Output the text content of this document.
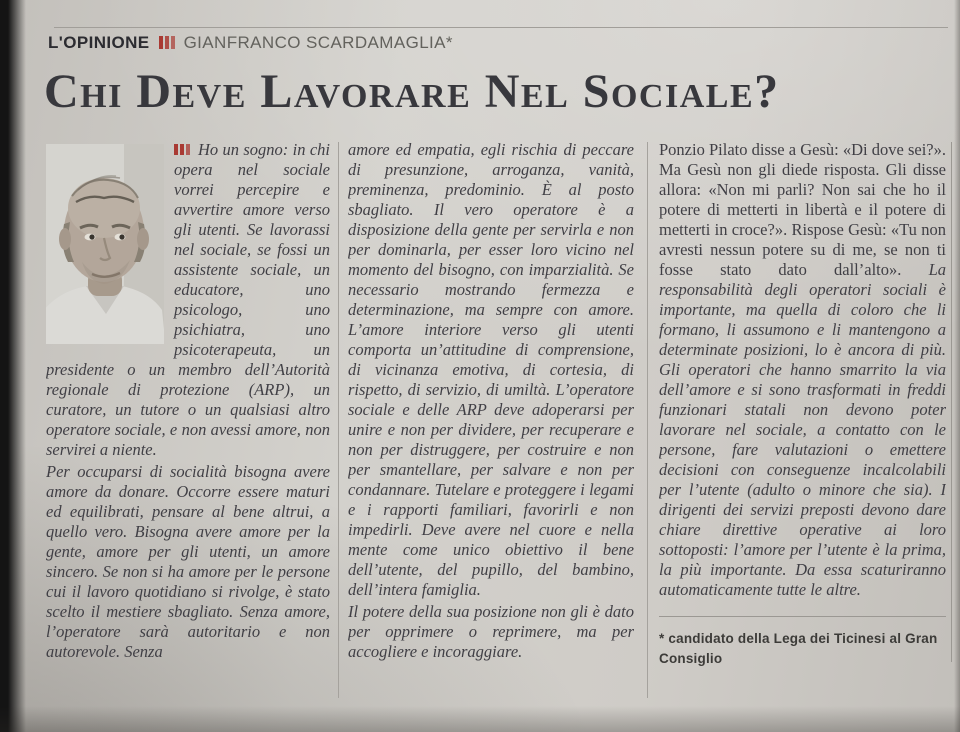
L'OPINIONE GIANFRANCO SCARDAMAGLIA*
Chi Deve Lavorare Nel Sociale?

Ho un sogno: in chi opera nel sociale vorrei percepire e avvertire amore verso gli utenti. Se lavorassi nel sociale, se fossi un assistente sociale, un educatore, uno psicologo, uno psichiatra, uno psicoterapeuta, un presidente o un membro dell’Autorità regionale di protezione (ARP), un curatore, un tutore o un qualsiasi altro operatore sociale, e non avessi amore, non servirei a niente.

Per occuparsi di socialità bisogna avere amore da donare. Occorre essere maturi ed equilibrati, pensare al bene altrui, a quello vero. Bisogna avere amore per la gente, amore per gli utenti, un amore sincero. Se non si ha amore per le persone cui il lavoro quotidiano si rivolge, è stato scelto il mestiere sbagliato. Senza amore, l’operatore sarà autoritario e non autorevole. Senza

amore ed empatia, egli rischia di peccare di presunzione, arroganza, vanità, preminenza, predominio. È al posto sbagliato. Il vero operatore è a disposizione della gente per servirla e non per dominarla, per esser loro vicino nel momento del bisogno, con imparzialità. Se necessario mostrando fermezza e determinazione, ma sempre con amore. L’amore interiore verso gli utenti comporta un’attitudine di comprensione, di vicinanza emotiva, di cortesia, di rispetto, di servizio, di umiltà. L’operatore sociale e delle ARP deve adoperarsi per unire e non per dividere, per recuperare e non per distruggere, per costruire e non per smantellare, per salvare e non per condannare. Tutelare e proteggere i legami e i rapporti familiari, favorirli e non impedirli. Deve avere nel cuore e nella mente come unico obiettivo il bene dell’utente, del pupillo, del bambino, dell’intera famiglia.

Il potere della sua posizione non gli è dato per opprimere o reprimere, ma per accogliere e incoraggiare.

Ponzio Pilato disse a Gesù: «Di dove sei?». Ma Gesù non gli diede risposta. Gli disse allora: «Non mi parli? Non sai che ho il potere di metterti in libertà e il potere di metterti in croce?». Rispose Gesù: «Tu non avresti nessun potere su di me, se non ti fosse stato dato dall’alto». La responsabilità degli operatori sociali è importante, ma quella di coloro che li formano, li assumono e li mantengono a determinate posizioni, lo è ancora di più. Gli operatori che hanno smarrito la via dell’amore e si sono trasformati in freddi funzionari statali non devono poter lavorare nel sociale, a contatto con le persone, fare valutazioni o emettere decisioni con conseguenze incalcolabili per l’utente (adulto o minore che sia). I dirigenti dei servizi preposti devono dare chiare direttive operative ai loro sottoposti: l’amore per l’utente è la prima, la più importante. Da essa scaturiranno automaticamente tutte le altre.

* candidato della Lega dei Ticinesi al Gran Consiglio
